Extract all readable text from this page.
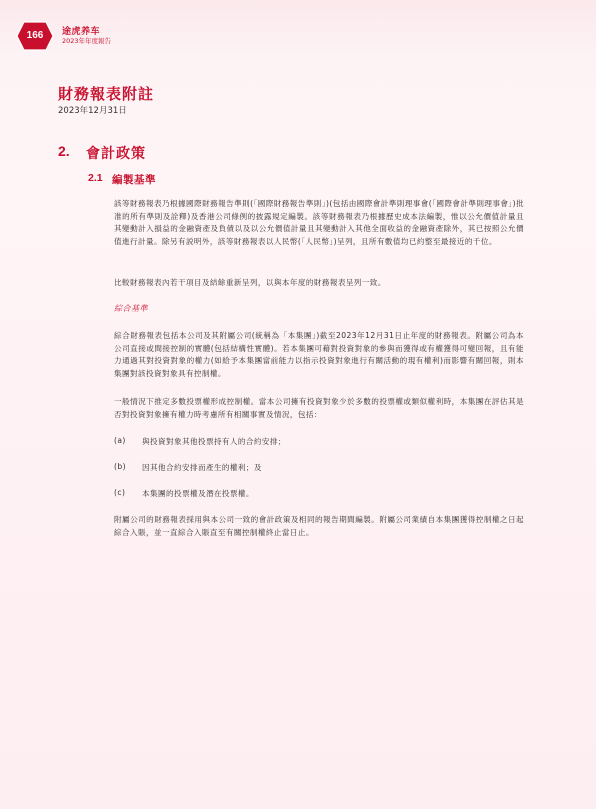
166	途虎养车
2023年年度報告
財務報表附註
2023年12月31日
2. 會計政策
2.1 編製基準
該等財務報表乃根據國際財務報告準則(「國際財務報告準則」)(包括由國際會計準則理事會(「國際會計準則理事會」)批准的所有準則及詮釋)及香港公司條例的披露規定編製。該等財務報表乃根據歷史成本法編製，惟以公允價值計量且其變動計入損益的金融資產及負債以及以公允價值計量且其變動計入其他全面收益的金融資產除外，其已按照公允價值進行計量。除另有説明外，該等財務報表以人民幣(「人民幣」)呈列，且所有數值均已約整至最接近的千位。
比較財務報表內若干項目及結餘重新呈列，以與本年度的財務報表呈列一致。
綜合基準
綜合財務報表包括本公司及其附屬公司(統稱為「本集團」)截至2023年12月31日止年度的財務報表。附屬公司為本公司直接或間接控制的實體(包括結構性實體)。若本集團可藉對投資對象的參與而獲得或有權獲得可變回報，且有能力通過其對投資對象的權力(如給予本集團當前能力以指示投資對象進行有關活動的現有權利)而影響有關回報，則本集團對該投資對象具有控制權。
一般情況下推定多數投票權形成控制權。當本公司擁有投資對象少於多數的投票權或類似權利時，本集團在評估其是否對投資對象擁有權力時考慮所有相關事實及情況，包括：
(a)	與投資對象其他投票持有人的合約安排；
(b)	因其他合約安排而產生的權利；及
(c)	本集團的投票權及潛在投票權。
附屬公司的財務報表採用與本公司一致的會計政策及相同的報告期間編製。附屬公司業績自本集團獲得控制權之日起綜合入賬，並一直綜合入賬直至有關控制權終止當日止。
